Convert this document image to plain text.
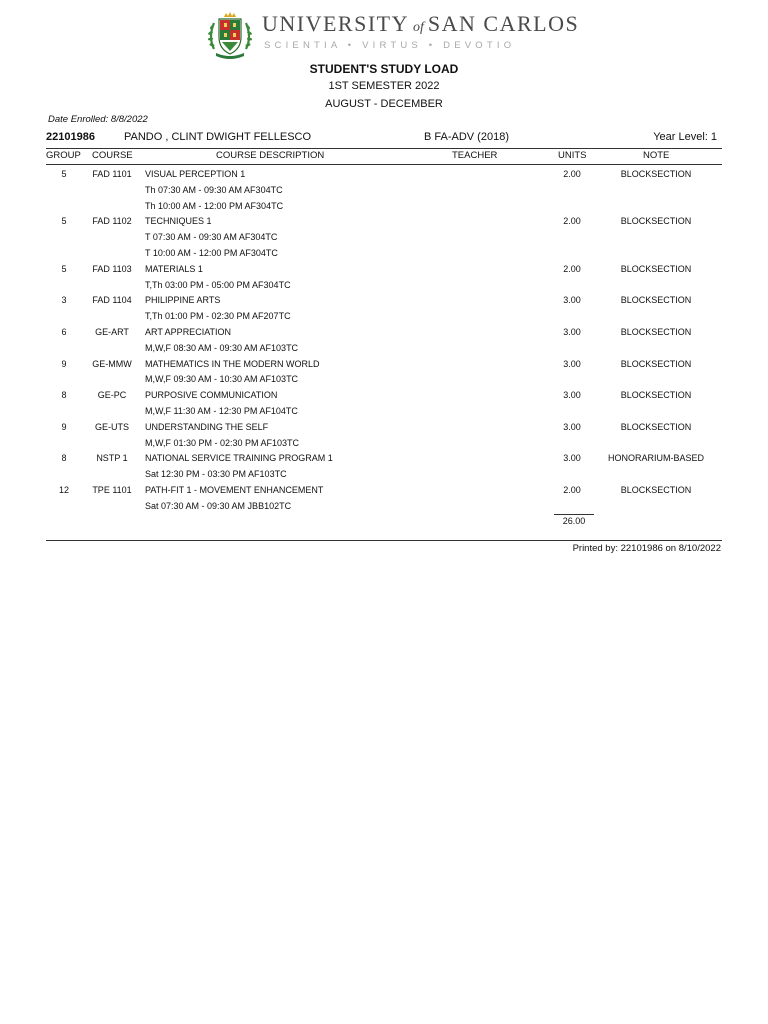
UNIVERSITY of SAN CARLOS
SCIENTIA • VIRTUS • DEVOTIO
STUDENT'S STUDY LOAD
1ST SEMESTER 2022
AUGUST - DECEMBER
Date Enrolled: 8/8/2022
22101986	PANDO , CLINT DWIGHT FELLESCO	B FA-ADV (2018)	Year Level: 1
GROUP COURSE	COURSE DESCRIPTION	TEACHER	UNITS	NOTE
5	FAD 1101	VISUAL PERCEPTION 1	2.00	BLOCKSECTION
Th 07:30 AM - 09:30 AM AF304TC
Th 10:00 AM - 12:00 PM AF304TC
5	FAD 1102	TECHNIQUES 1	2.00	BLOCKSECTION
T 07:30 AM - 09:30 AM AF304TC
T 10:00 AM - 12:00 PM AF304TC
5	FAD 1103	MATERIALS 1	2.00	BLOCKSECTION
T,Th 03:00 PM - 05:00 PM AF304TC
3	FAD 1104	PHILIPPINE ARTS	3.00	BLOCKSECTION
T,Th 01:00 PM - 02:30 PM AF207TC
6	GE-ART	ART APPRECIATION	3.00	BLOCKSECTION
M,W,F 08:30 AM - 09:30 AM AF103TC
9	GE-MMW	MATHEMATICS IN THE MODERN WORLD	3.00	BLOCKSECTION
M,W,F 09:30 AM - 10:30 AM AF103TC
8	GE-PC	PURPOSIVE COMMUNICATION	3.00	BLOCKSECTION
M,W,F 11:30 AM - 12:30 PM AF104TC
9	GE-UTS	UNDERSTANDING THE SELF	3.00	BLOCKSECTION
M,W,F 01:30 PM - 02:30 PM AF103TC
8	NSTP 1	NATIONAL SERVICE TRAINING PROGRAM 1	3.00	HONORARIUM-BASED
Sat 12:30 PM - 03:30 PM AF103TC
12	TPE 1101	PATH-FIT 1 - MOVEMENT ENHANCEMENT	2.00	BLOCKSECTION
Sat 07:30 AM - 09:30 AM JBB102TC
26.00
Printed by: 22101986 on 8/10/2022
